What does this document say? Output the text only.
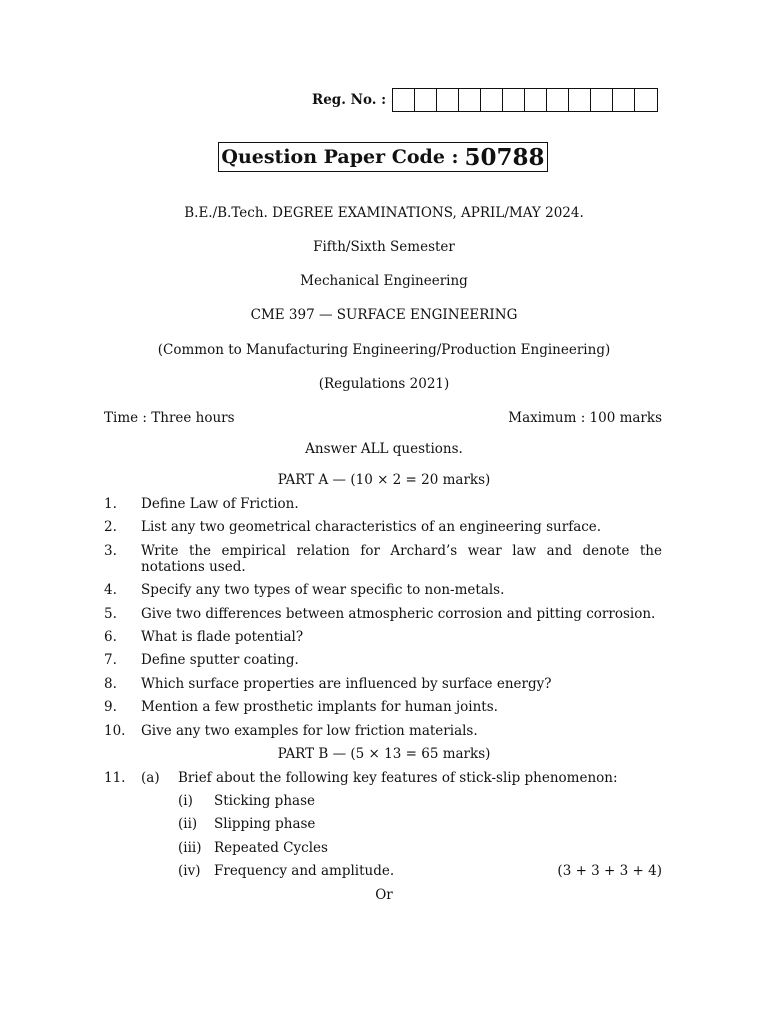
Reg. No. :
Question Paper Code : 50788
B.E./B.Tech. DEGREE EXAMINATIONS, APRIL/MAY 2024.
Fifth/Sixth Semester
Mechanical Engineering
CME 397 — SURFACE ENGINEERING
(Common to Manufacturing Engineering/Production Engineering)
(Regulations 2021)
Time : Three hours	Maximum : 100 marks
Answer ALL questions.
PART A — (10 × 2 = 20 marks)
1.	Define Law of Friction.
2.	List any two geometrical characteristics of an engineering surface.
3.	Write the empirical relation for Archard’s wear law and denote the notations used.
4.	Specify any two types of wear specific to non-metals.
5.	Give two differences between atmospheric corrosion and pitting corrosion.
6.	What is flade potential?
7.	Define sputter coating.
8.	Which surface properties are influenced by surface energy?
9.	Mention a few prosthetic implants for human joints.
10.	Give any two examples for low friction materials.
PART B — (5 × 13 = 65 marks)
11. (a) Brief about the following key features of stick-slip phenomenon:
(i) Sticking phase
(ii) Slipping phase
(iii) Repeated Cycles
(iv) Frequency and amplitude.	(3 + 3 + 3 + 4)
Or
